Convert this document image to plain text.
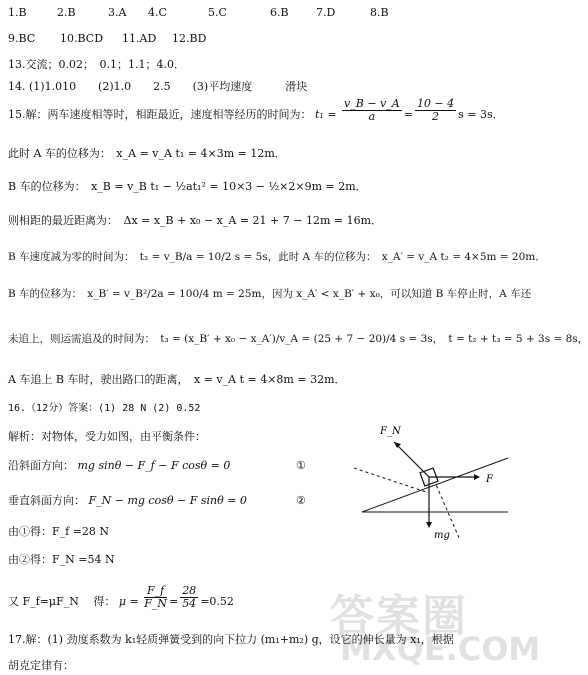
答案圈
MXQE.COM
1.B	2.B	3.A 4.C	5.C	6.B 7.D	8.B
9.BC 10.BCD 11.AD 12.BD
13.交流；0.02；　0.1；1.1；4.0．
14. (1)1.010　　(2)1.0　　2.5　　(3)平均速度　　　滑块
15.解：两车速度相等时，相距最近，速度相等经历的时间为： $t_1 = \frac{v\_B - v\_A}{a} = \frac{10 - 4}{2}$ s = 3s．
此时 A 车的位移为：　x_A = v_A t₁ = 4×3m = 12m．
B 车的位移为：　x_B = v_B t₁ − ½at₁² = 10×3 − ½×2×9m = 2m．
则相距的最近距离为：　Δx = x_B + x₀ − x_A = 21 + 7 − 12m = 16m．
B 车速度减为零的时间为：　t₂ = v_B/a = 10/2 s = 5s，此时 A 车的位移为：　x_A′ = v_A t₂ = 4×5m = 20m．
B 车的位移为：　x_B′ = v_B²/2a = 100/4 m = 25m，因为 x_A′ < x_B′ + x₀，可以知道 B 车停止时，A 车还
未追上，则运需追及的时间为：　t₃ = (x_B′ + x₀ − x_A′)/v_A = (25 + 7 − 20)/4 s = 3s，　t = t₂ + t₃ = 5 + 3s = 8s，
A 车追上 B 车时，驶出路口的距离，　x = v_A t = 4×8m = 32m．
16.（12分）答案：(1) 28 N (2) 0.52
解析：对物体，受力如图，由平衡条件：
沿斜面方向： mg sinθ − F_f − F cosθ = 0	①
垂直斜面方向： F_N − mg cosθ − F sinθ = 0	②
由①得：F_f =28 N
由②得：F_N =54 N
又 F_f=μF_N　 得： $\mu = \frac{F\_f}{F\_N} = \frac{28}{54} =0.52$
F_N
F
mg
17.解：(1) 劲度系数为 k₁轻质弹簧受到的向下拉力 (m₁+m₂) g，设它的伸长量为 x₁，根据
胡克定律有：
